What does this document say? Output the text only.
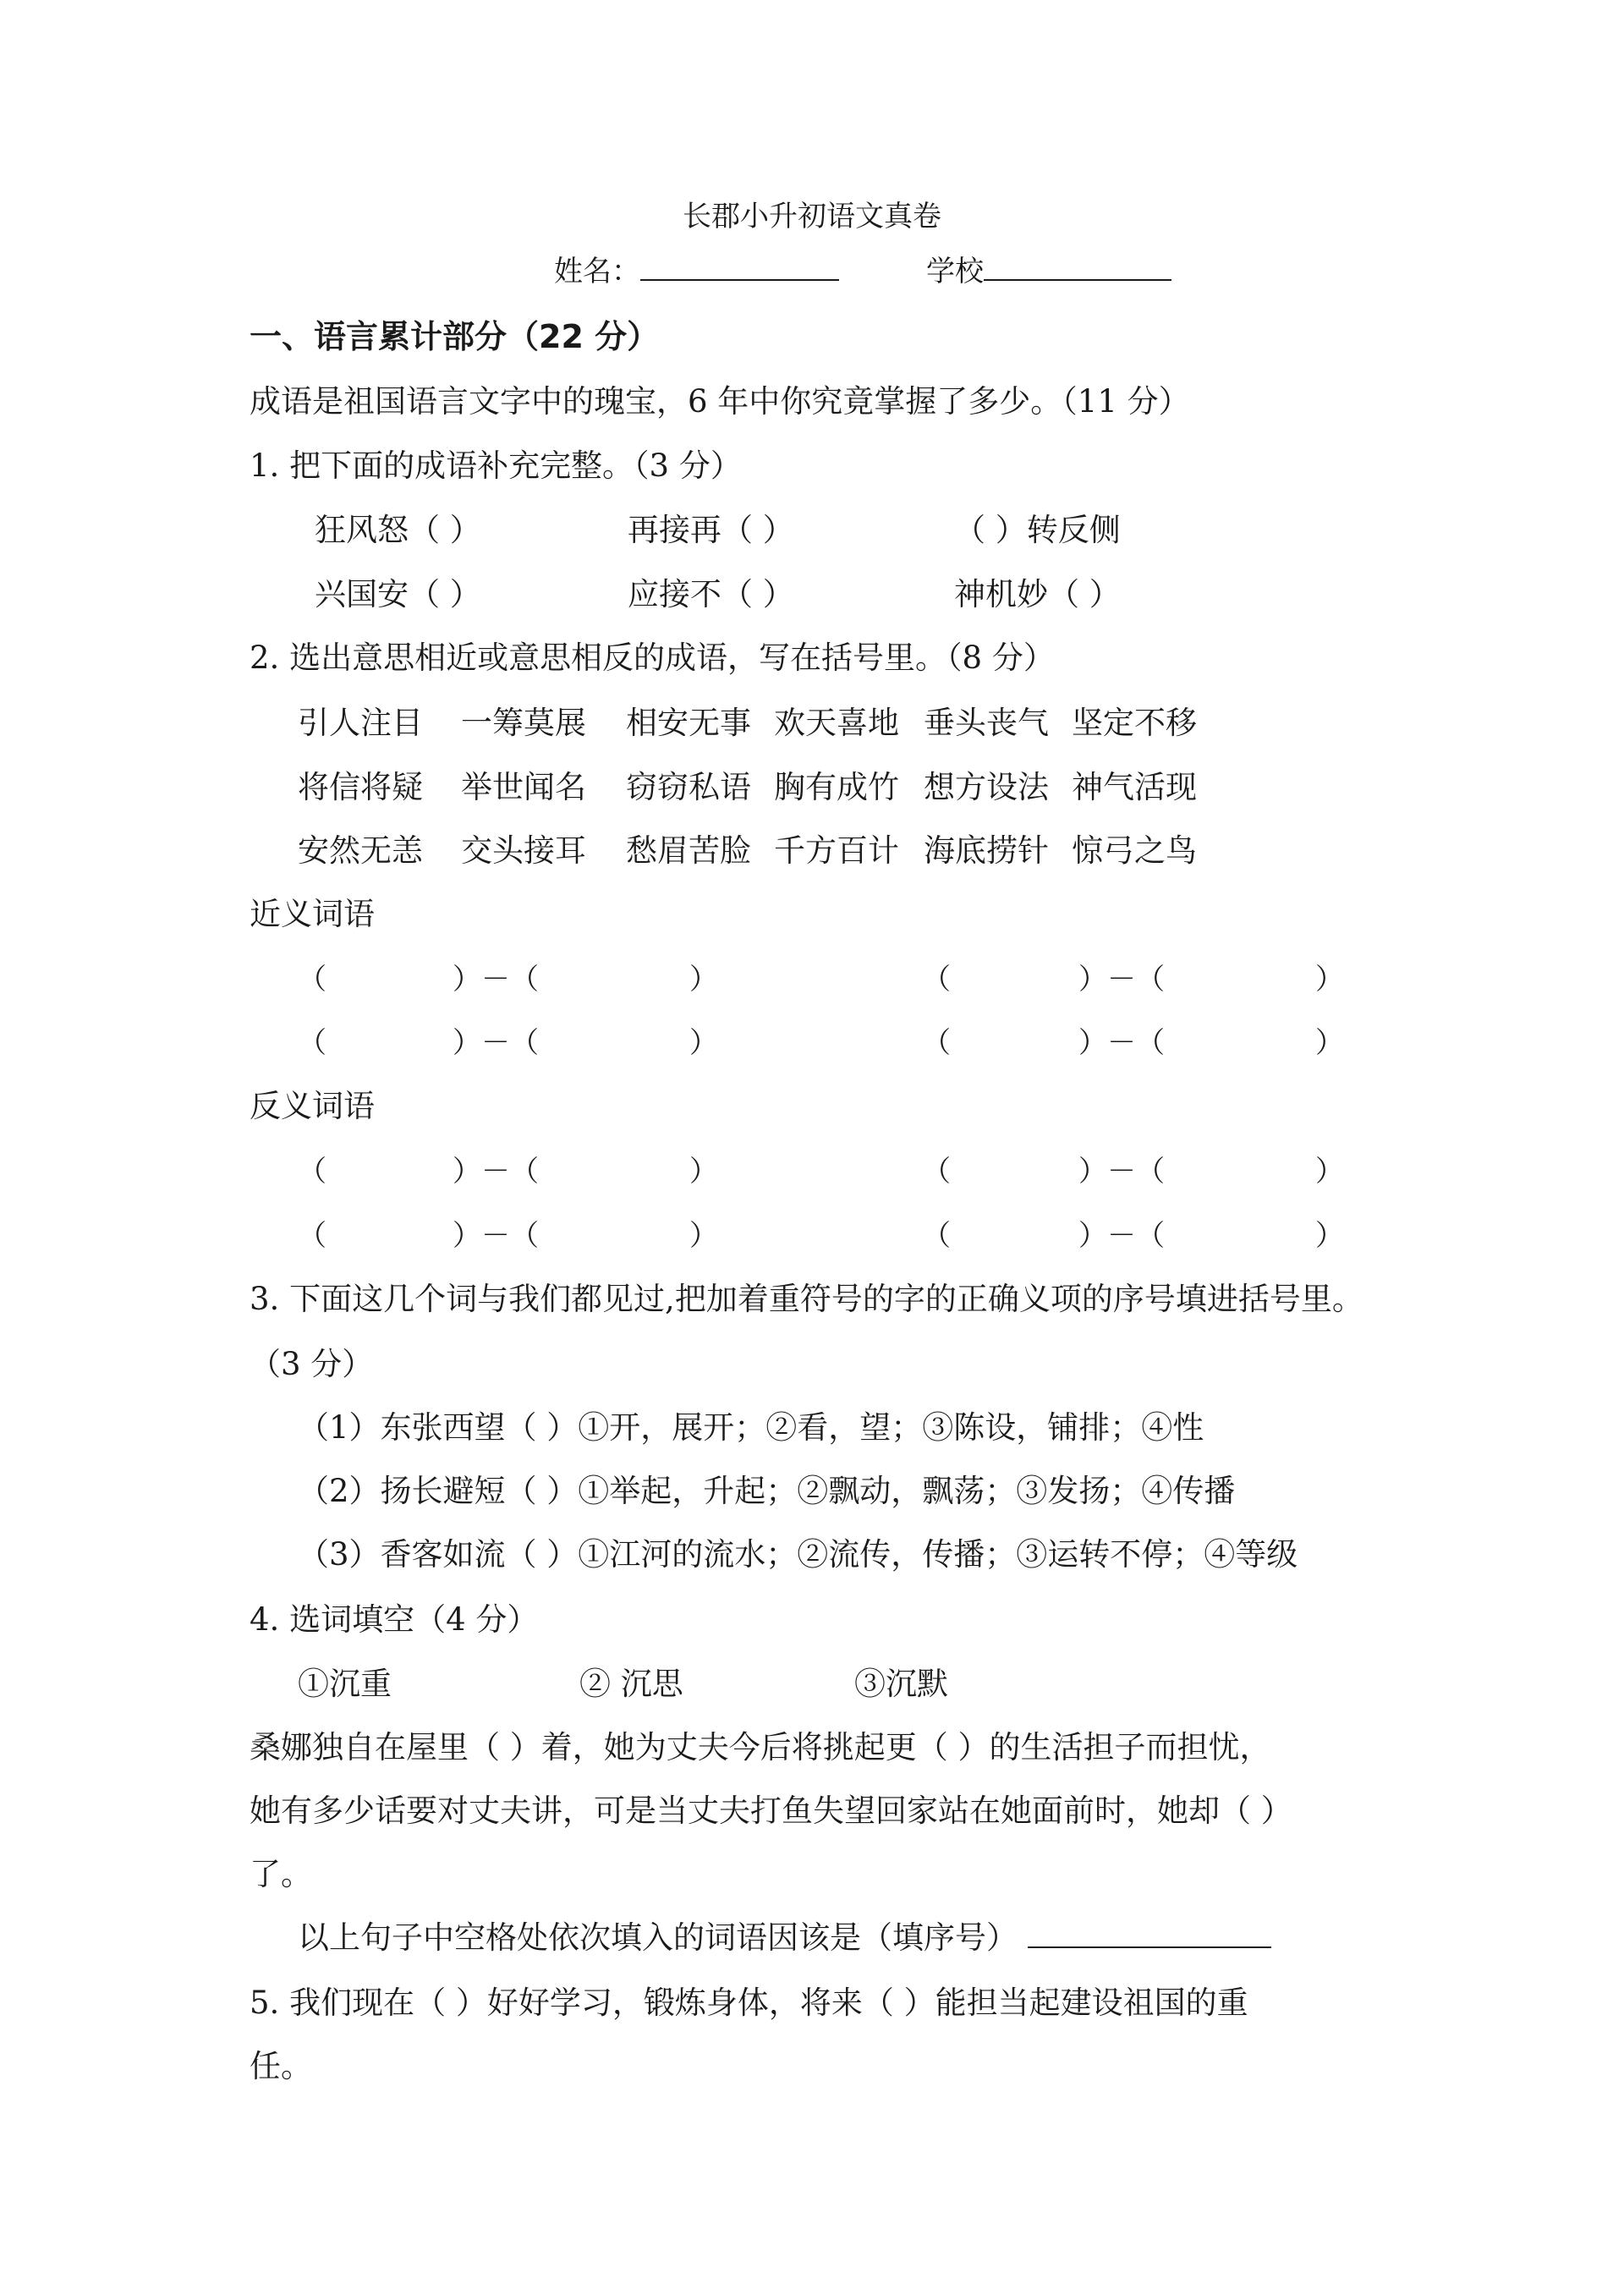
长郡小升初语文真卷
姓名：	学校
一、语言累计部分（22 分）
成语是祖国语言文字中的瑰宝，6 年中你究竟掌握了多少。（11 分）
1. 把下面的成语补充完整。（3 分）
狂风怒（ ）	再接再（ ）	（ ）转反侧
兴国安（ ）	应接不（ ）	神机妙（ ）
2. 选出意思相近或意思相反的成语，写在括号里。（8 分）
引人注目 一筹莫展 相安无事 欢天喜地 垂头丧气 坚定不移
将信将疑 举世闻名 窃窃私语 胸有成竹 想方设法 神气活现
安然无恙 交头接耳 愁眉苦脸 千方百计 海底捞针 惊弓之鸟
近义词语
（	）－（	）	（	）－（	）
（	）－（	）	（	）－（	）
反义词语
（	）－（	）	（	）－（	）
（	）－（	）	（	）－（	）
3. 下面这几个词与我们都见过,把加着重符号的字的正确义项的序号填进括号里。
（3 分）
（1）东张西望（ ）①开，展开；②看，望；③陈设，铺排；④性
（2）扬长避短（ ）①举起，升起；②飘动，飘荡；③发扬；④传播
（3）香客如流（ ）①江河的流水；②流传，传播；③运转不停；④等级
4. 选词填空（4 分）
①沉重	② 沉思	③沉默
桑娜独自在屋里（ ）着，她为丈夫今后将挑起更（ ）的生活担子而担忧，
她有多少话要对丈夫讲，可是当丈夫打鱼失望回家站在她面前时，她却（ ）
了。
以上句子中空格处依次填入的词语因该是（填序号）
5. 我们现在（ ）好好学习，锻炼身体，将来（ ）能担当起建设祖国的重
任。
